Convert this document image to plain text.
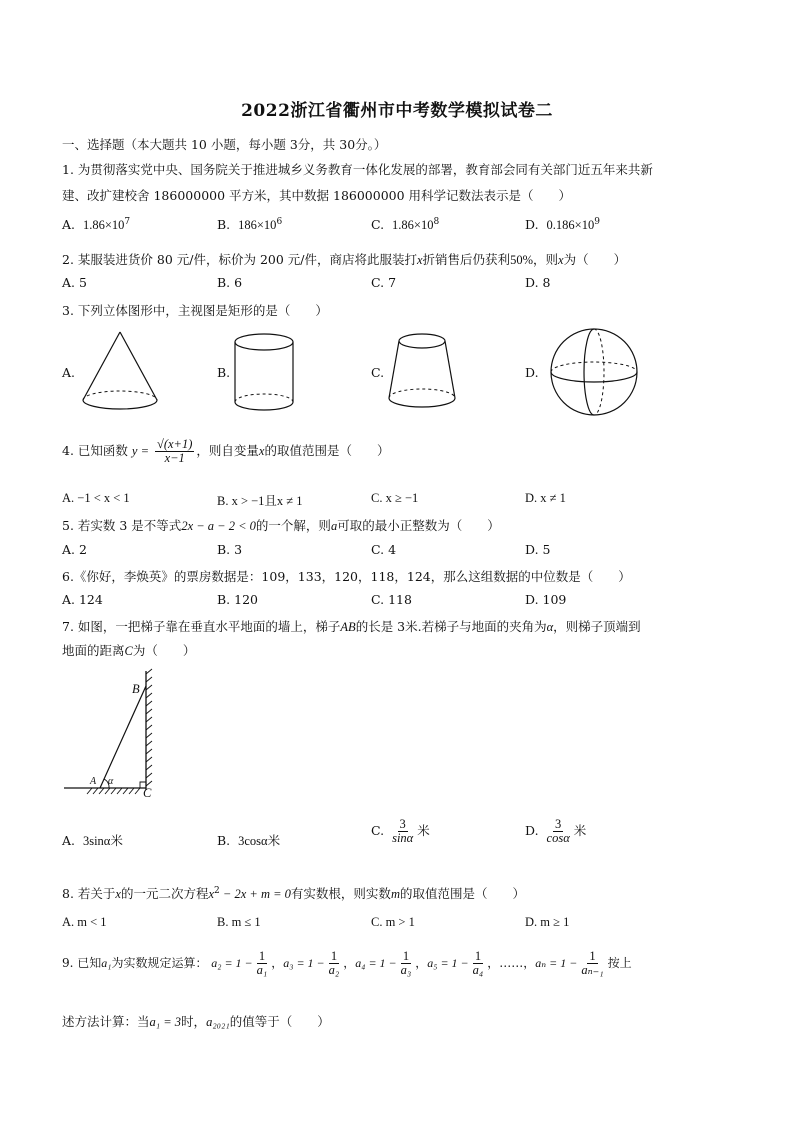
2022浙江省衢州市中考数学模拟试卷二
一、选择题（本大题共 10 小题，每小题 3分，共 30分。）
1. 为贯彻落实党中央、国务院关于推进城乡义务教育一体化发展的部署，教育部会同有关部门近五年来共新
建、改扩建校舍 186000000 平方米，其中数据 186000000 用科学记数法表示是（　　）
A. $1.86\times 10^7$	B. $186\times 10^6$	C. $1.86\times 10^8$	D. $0.186\times 10^9$
2. 某服装进货价 80 元/件，标价为 200 元/件，商店将此服装打x折销售后仍获利50%，则x为（　　）
A. 5	B. 6	C. 7	D. 8
3. 下列立体图形中，主视图是矩形的是（　　）
A.	B.	C.	D.
4. 已知函数 $y = \frac{√(x+1)}{x-1}$ ，则自变量x的取值范围是（　　）
A. −1 < x < 1	B. x > −1且x ≠ 1	C. x ≥ −1	D. x ≠ 1
5. 若实数 3 是不等式2x − a − 2 < 0的一个解，则a可取的最小正整数为（　　）
A. 2	B. 3	C. 4	D. 5
6.《你好，李焕英》的票房数据是：109，133，120，118，124，那么这组数据的中位数是（　　）
A. 124	B. 120	C. 118	D. 109
7. 如图，一把梯子靠在垂直水平地面的墙上，梯子AB的长是 3米.若梯子与地面的夹角为α，则梯子顶端到
地面的距离C为（　　）
B
A α
C
A. 3sinα米	B. 3cosα米
C. $\frac{3}{\sin\alpha}$ 米	D. $\frac{3}{\cos\alpha}$ 米
8. 若关于x的一元二次方程$x^2 - 2x + m = 0$有实数根，则实数m的取值范围是（　　）
A. m < 1	B. m ≤ 1	C. m > 1	D. m ≥ 1
9. 已知a₁为实数规定运算： $a_2 = 1 - \frac{1}{\text{a₁}}$ ，$a_3 = 1 - \frac{1}{\text{a₂}}$ ，$a_4 = 1 - \frac{1}{\text{a₃}}$ ，$a_5 = 1 - \frac{1}{\text{a₄}}$ ，……，$a_n = 1 - \frac{1}{\text{aₙ₋₁}}$ 按上
述方法计算：当a₁ = 3时，a₂₀₂₁的值等于（　　）
